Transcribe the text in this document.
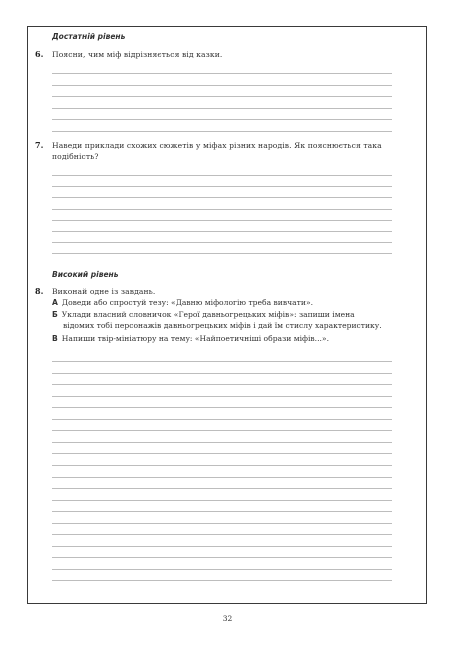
Достатній рівень
6. Поясни, чим міф відрізняється від казки.
7. Наведи приклади схожих сюжетів у міфах різних народів. Як пояснюється така подібність?
Високий рівень
8. Виконай одне із завдань.
А Доведи або спростуй тезу: «Давню міфологію треба вивчати».
Б Уклади власний словничок «Герої давньогрецьких міфів»: запиши імена
відомих тобі персонажів давньогрецьких міфів і дай їм стислу характеристику.
В Напиши твір-мініатюру на тему: «Найпоетичніші образи міфів...».
32
